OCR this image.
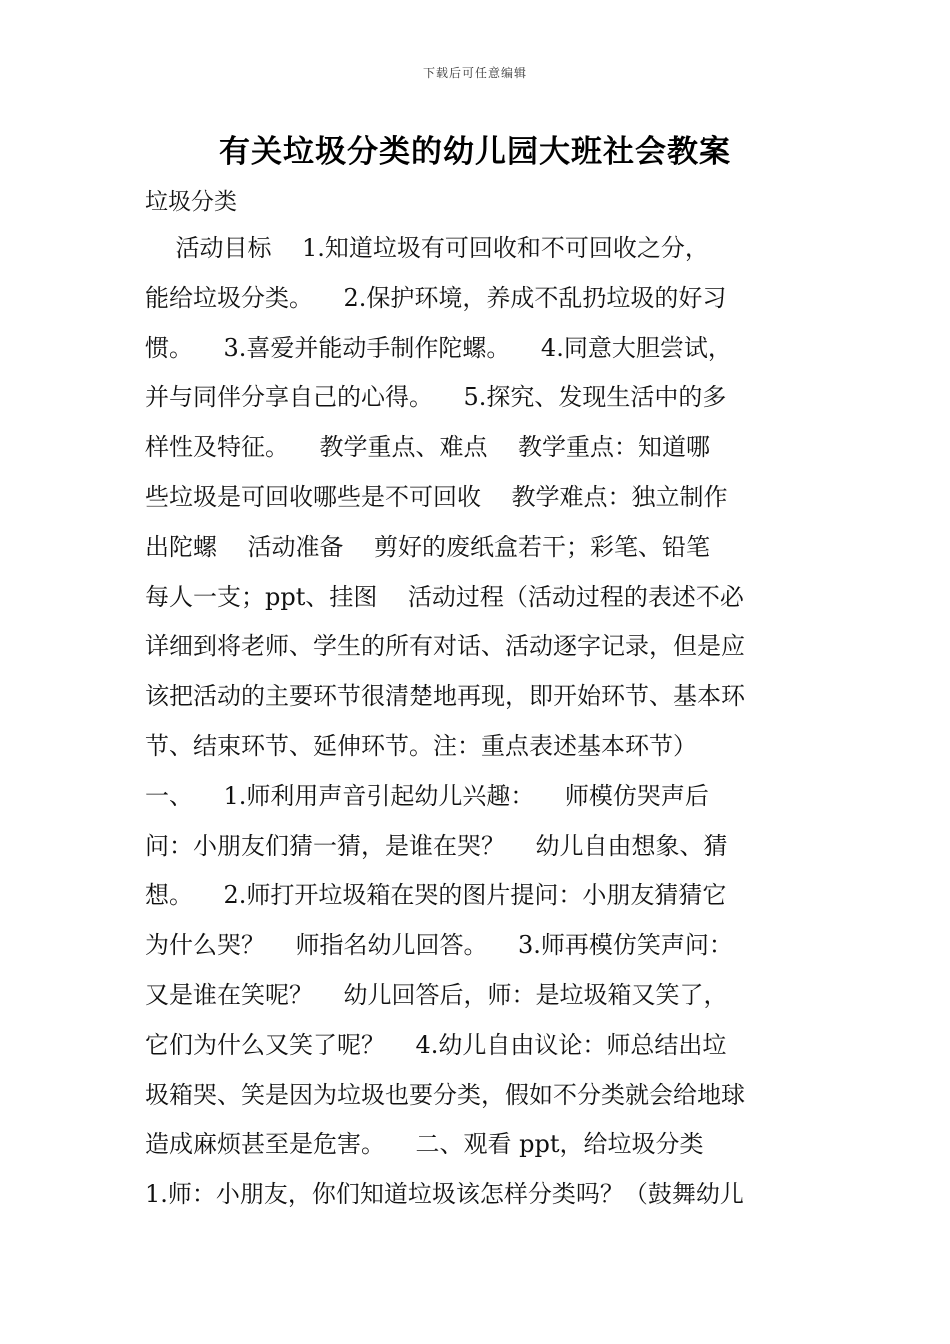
下载后可任意编辑
有关垃圾分类的幼儿园大班社会教案
垃圾分类
活动目标    1.知道垃圾有可回收和不可回收之分，
能给垃圾分类。    2.保护环境，养成不乱扔垃圾的好习
惯。    3.喜爱并能动手制作陀螺。    4.同意大胆尝试，
并与同伴分享自己的心得。    5.探究、发现生活中的多
样性及特征。    教学重点、难点    教学重点：知道哪
些垃圾是可回收哪些是不可回收    教学难点：独立制作
出陀螺    活动准备    剪好的废纸盒若干；彩笔、铅笔
每人一支；ppt、挂图    活动过程（活动过程的表述不必
详细到将老师、学生的所有对话、活动逐字记录，但是应
该把活动的主要环节很清楚地再现，即开始环节、基本环
节、结束环节、延伸环节。注：重点表述基本环节）
一、    1.师利用声音引起幼儿兴趣：    师模仿哭声后
问：小朋友们猜一猜，是谁在哭？    幼儿自由想象、猜
想。    2.师打开垃圾箱在哭的图片提问：小朋友猜猜它
为什么哭？    师指名幼儿回答。    3.师再模仿笑声问：
又是谁在笑呢？    幼儿回答后，师：是垃圾箱又笑了，
它们为什么又笑了呢？    4.幼儿自由议论：师总结出垃
圾箱哭、笑是因为垃圾也要分类，假如不分类就会给地球
造成麻烦甚至是危害。    二、观看 ppt，给垃圾分类
1.师：小朋友，你们知道垃圾该怎样分类吗？（鼓舞幼儿
